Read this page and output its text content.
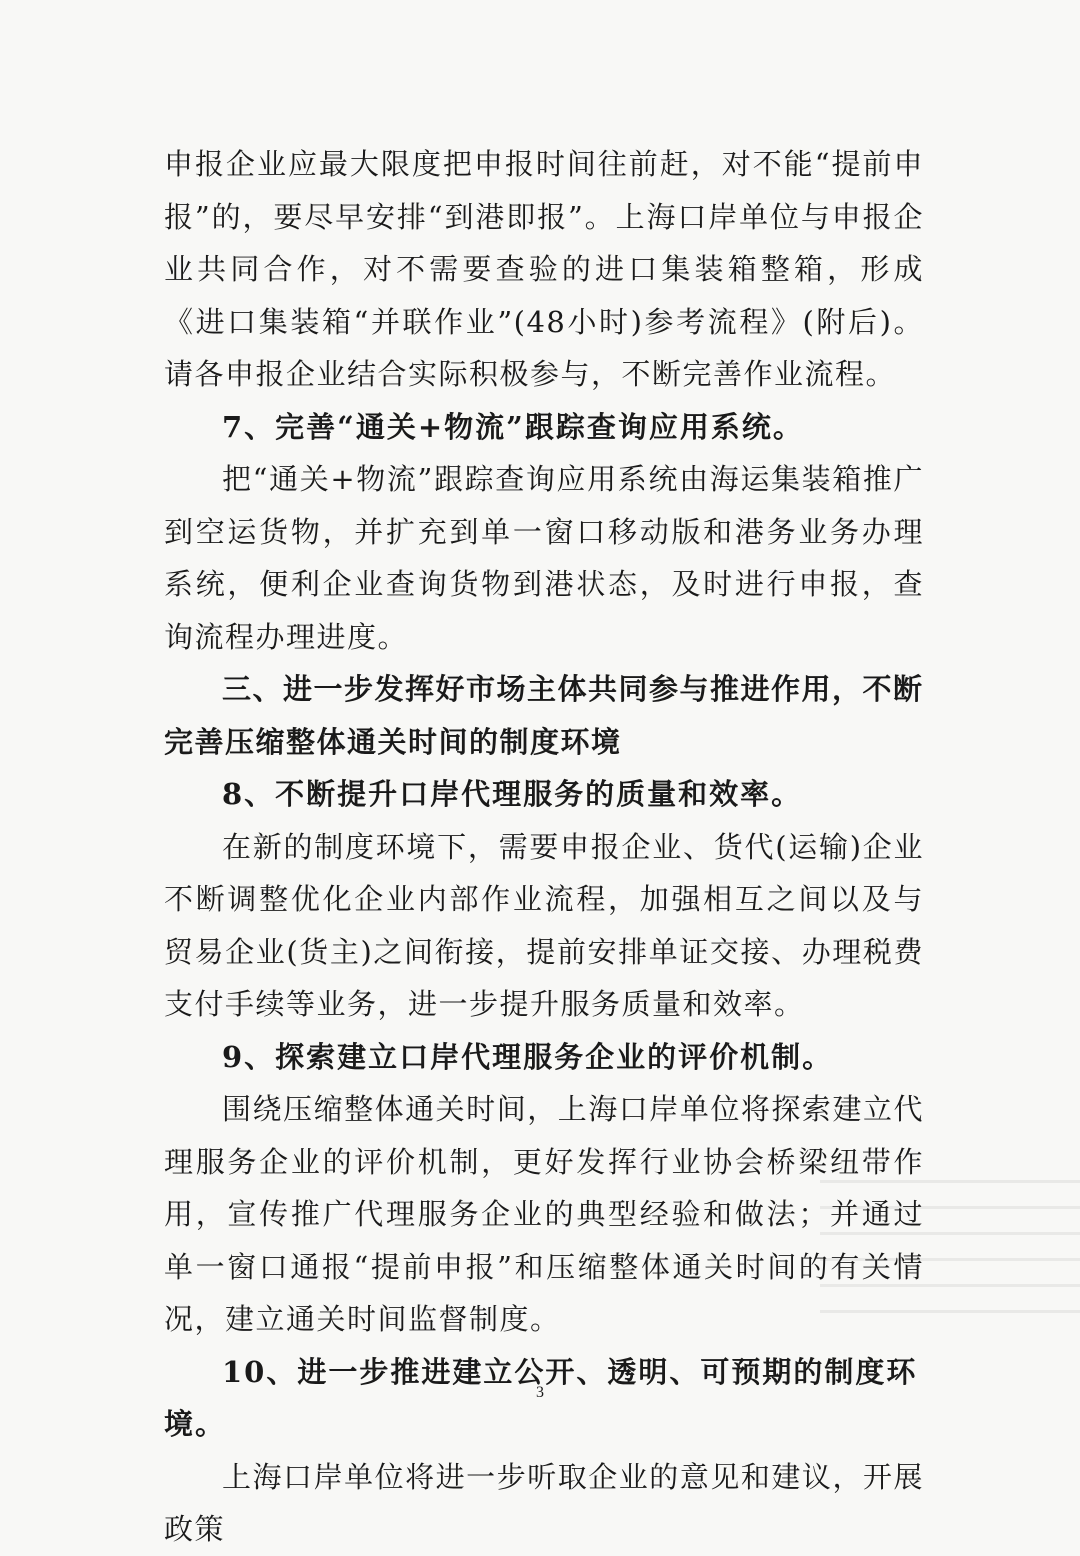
申报企业应最大限度把申报时间往前赶，对不能“提前申报”的，要尽早安排“到港即报”。上海口岸单位与申报企业共同合作，对不需要查验的进口集装箱整箱，形成《进口集装箱“并联作业”(48小时)参考流程》(附后)。请各申报企业结合实际积极参与，不断完善作业流程。

7、完善“通关+物流”跟踪查询应用系统。

把“通关+物流”跟踪查询应用系统由海运集装箱推广到空运货物，并扩充到单一窗口移动版和港务业务办理系统，便利企业查询货物到港状态，及时进行申报，查询流程办理进度。

三、进一步发挥好市场主体共同参与推进作用，不断完善压缩整体通关时间的制度环境

8、不断提升口岸代理服务的质量和效率。

在新的制度环境下，需要申报企业、货代(运输)企业不断调整优化企业内部作业流程，加强相互之间以及与贸易企业(货主)之间衔接，提前安排单证交接、办理税费支付手续等业务，进一步提升服务质量和效率。

9、探索建立口岸代理服务企业的评价机制。

围绕压缩整体通关时间，上海口岸单位将探索建立代理服务企业的评价机制，更好发挥行业协会桥梁纽带作用，宣传推广代理服务企业的典型经验和做法；并通过单一窗口通报“提前申报”和压缩整体通关时间的有关情况，建立通关时间监督制度。

10、进一步推进建立公开、透明、可预期的制度环境。

上海口岸单位将进一步听取企业的意见和建议，开展政策

3
